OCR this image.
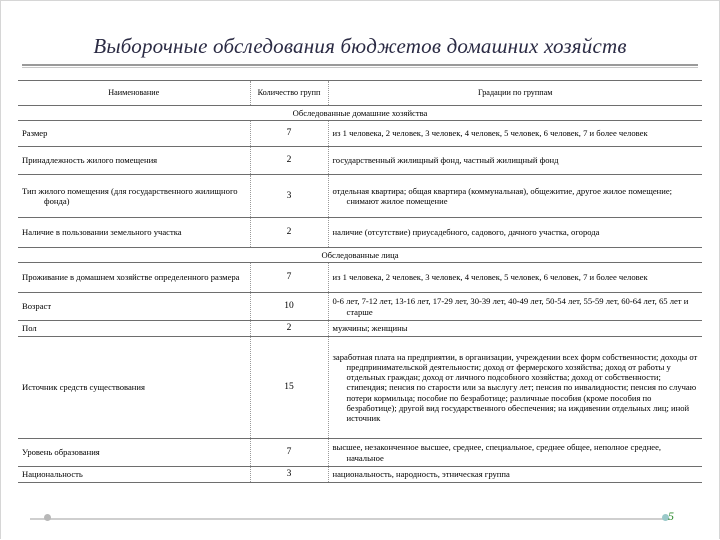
Выборочные обследования бюджетов домашних хозяйств
Наименование	Количество групп	Градации по группам
Обследованные домашние хозяйства		

Размер	7	из 1 человека, 2 человек, 3 человек, 4 человек, 5 человек, 6 человек, 7 и более человек

Принадлежность жилого помещения	2	государственный жилищный фонд, частный жилищный фонд

Тип жилого помещения (для государственного жилищного фонда)	3	отдельная квартира; общая квартира (коммунальная), общежитие, другое жилое помещение; снимают жилое помещение

Наличие в пользовании земельного участка	2	наличие (отсутствие) приусадебного, садового, дачного участка, огорода

Обследованные лица		

Проживание в домашнем хозяйстве определенного размера	7	из 1 человека, 2 человек, 3 человек, 4 человек, 5 человек, 6 человек, 7 и более человек

Возраст	10	0-6 лет, 7-12 лет, 13-16 лет, 17-29 лет, 30-39 лет, 40-49 лет, 50-54 лет, 55-59 лет, 60-64 лет, 65 лет и старше

Пол	2	мужчины; женщины

Источник средств существования	15	заработная плата на предприятии, в организации, учреждении всех форм собственности; доходы от предпринимательской деятельности; доход от фермерского хозяйства; доход от работы у отдельных граждан; доход от личного подсобного хозяйства; доход от собственности; стипендия; пенсия по старости или за выслугу лет; пенсия по инвалидности; пенсия по случаю потери кормильца; пособие по безработице; различные пособия (кроме пособия по безработице); другой вид государственного обеспечения; на иждивении отдельных лиц; иной источник

Уровень образования	7	высшее, незаконченное высшее, среднее, специальное, среднее общее, неполное среднее, начальное

Национальность	3	национальность, народность, этническая группа
5
